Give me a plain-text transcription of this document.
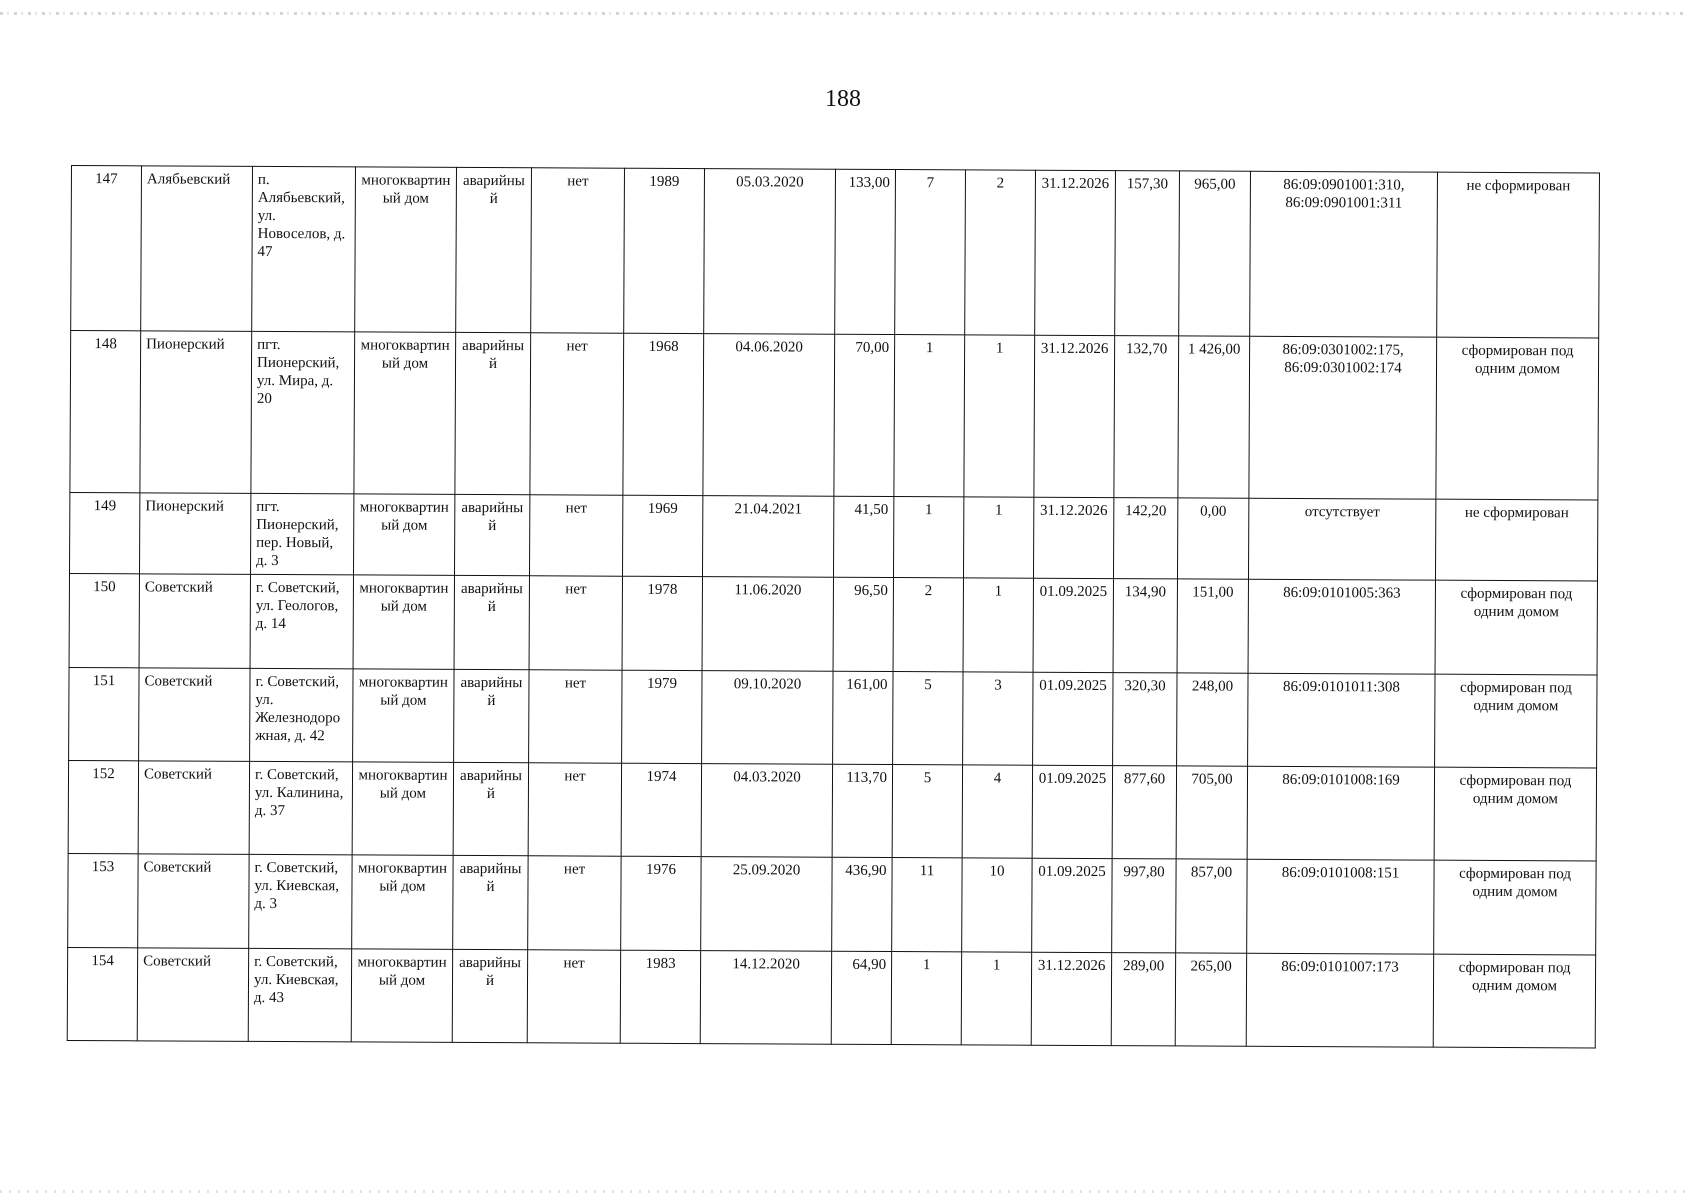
188
147	Алябьевский	п. Алябьевский, ул. Новоселов, д. 47	многоквартиный дом	аварийный	нет	1989	05.03.2020	133,00	7	2	31.12.2026	157,30	965,00	86:09:0901001:310, 86:09:0901001:311	не сформирован
148	Пионерский	пгт. Пионерский, ул. Мира, д. 20	многоквартиный дом	аварийный	нет	1968	04.06.2020	70,00	1	1	31.12.2026	132,70	1 426,00	86:09:0301002:175, 86:09:0301002:174	сформирован под одним домом
149	Пионерский	пгт. Пионерский, пер. Новый, д. 3	многоквартиный дом	аварийный	нет	1969	21.04.2021	41,50	1	1	31.12.2026	142,20	0,00	отсутствует	не сформирован
150	Советский	г. Советский, ул. Геологов, д. 14	многоквартиный дом	аварийный	нет	1978	11.06.2020	96,50	2	1	01.09.2025	134,90	151,00	86:09:0101005:363	сформирован под одним домом
151	Советский	г. Советский, ул. Железнодорожная, д. 42	многоквартиный дом	аварийный	нет	1979	09.10.2020	161,00	5	3	01.09.2025	320,30	248,00	86:09:0101011:308	сформирован под одним домом
152	Советский	г. Советский, ул. Калинина, д. 37	многоквартиный дом	аварийный	нет	1974	04.03.2020	113,70	5	4	01.09.2025	877,60	705,00	86:09:0101008:169	сформирован под одним домом
153	Советский	г. Советский, ул. Киевская, д. 3	многоквартиный дом	аварийный	нет	1976	25.09.2020	436,90	11	10	01.09.2025	997,80	857,00	86:09:0101008:151	сформирован под одним домом
154	Советский	г. Советский, ул. Киевская, д. 43	многоквартиный дом	аварийный	нет	1983	14.12.2020	64,90	1	1	31.12.2026	289,00	265,00	86:09:0101007:173	сформирован под одним домом
